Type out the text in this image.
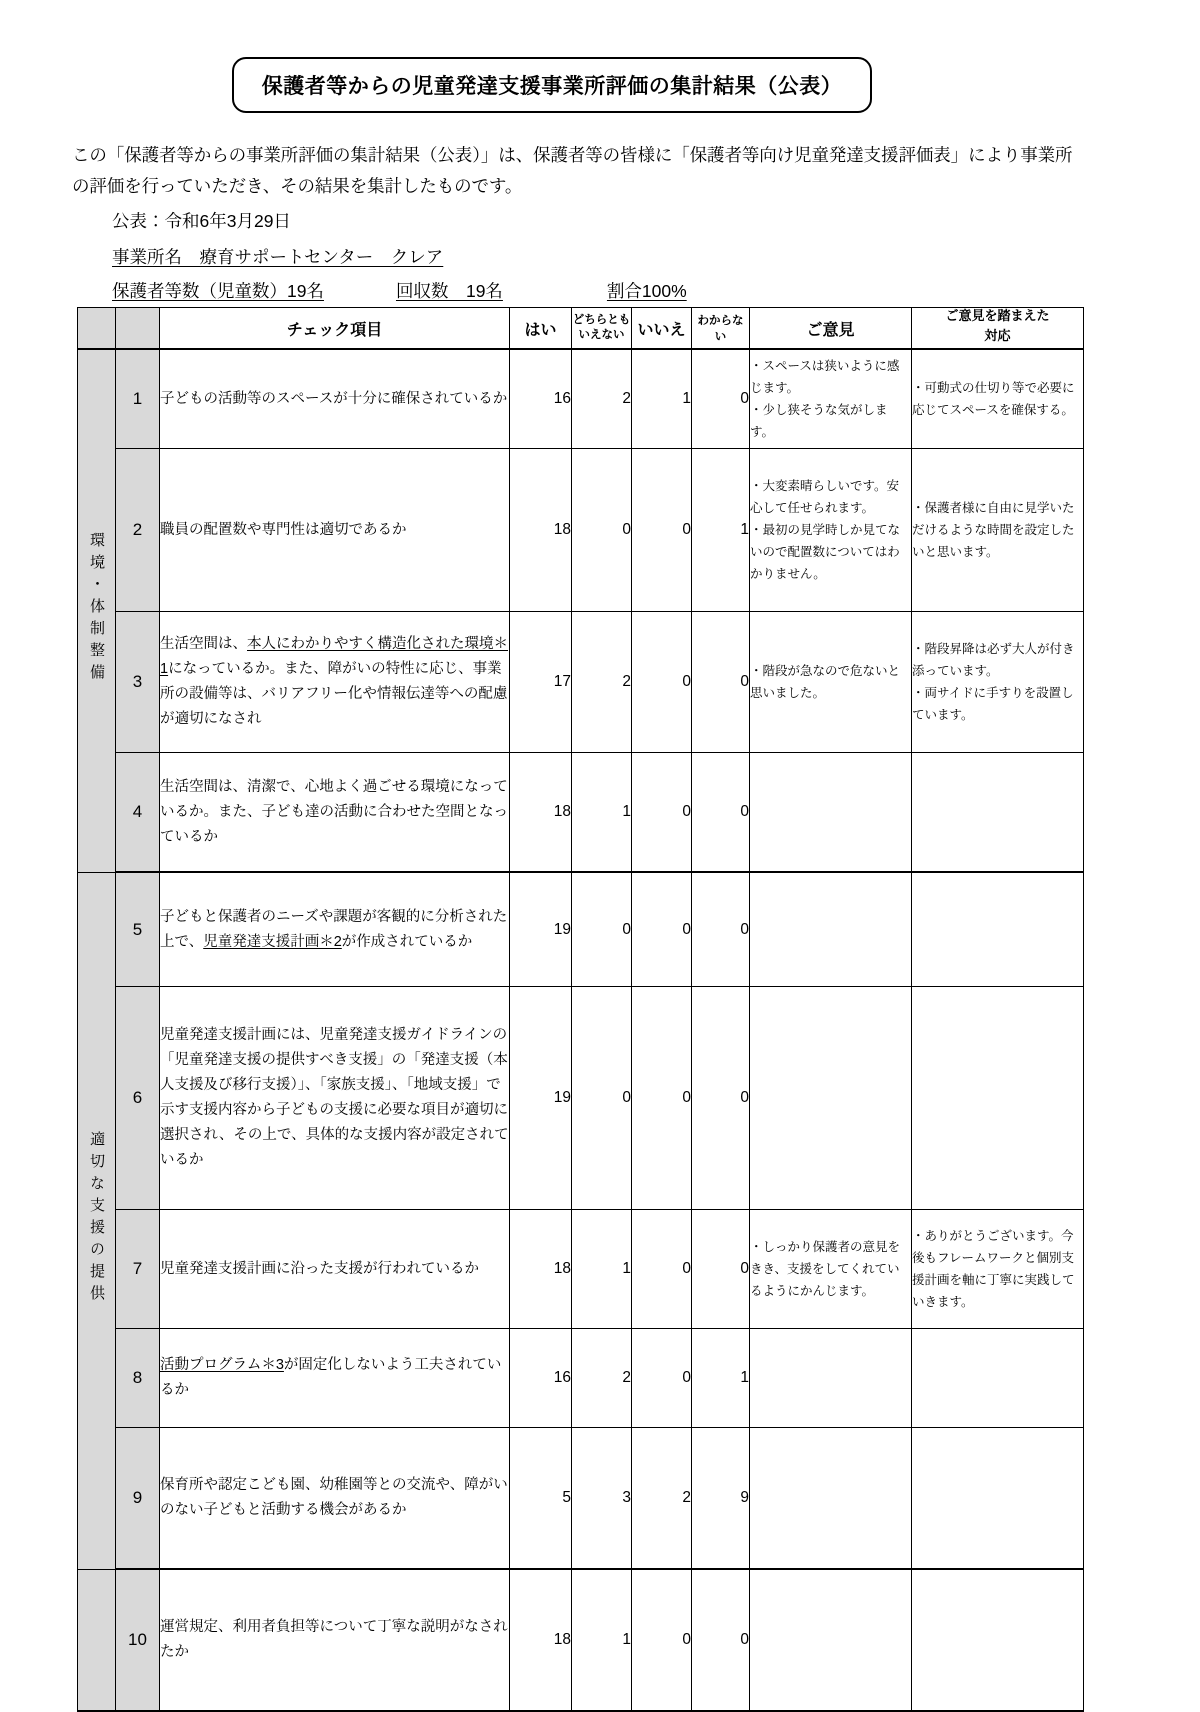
保護者等からの児童発達支援事業所評価の集計結果（公表）
この「保護者等からの事業所評価の集計結果（公表）」は、保護者等の皆様に「保護者等向け児童発達支援評価表」により事業所の評価を行っていただき、その結果を集計したものです。
公表：令和6年3月29日
事業所名　療育サポートセンター　クレア
保護者等数（児童数）19名	回収数　19名	割合100%
		チェック項目	はい	どちらとも
いえない	いいえ	わからない	ご意見	ご意見を踏まえた
対応
環境・体制整備	1	子どもの活動等のスペースが十分に確保されているか	16	2	1	0	・スペースは狭いように感じます。
・少し狭そうな気がします。	・可動式の仕切り等で必要に応じてスペースを確保する。
	2	職員の配置数や専門性は適切であるか	18	0	0	1	・大変素晴らしいです。安心して任せられます。
・最初の見学時しか見てないので配置数についてはわかりません。	・保護者様に自由に見学いただけるような時間を設定したいと思います。
	3	生活空間は、本人にわかりやすく構造化された環境＊1になっているか。また、障がいの特性に応じ、事業所の設備等は、バリアフリー化や情報伝達等への配慮が適切になされ	17	2	0	0	・階段が急なので危ないと思いました。	・階段昇降は必ず大人が付き添っています。
・両サイドに手すりを設置しています。
	4	生活空間は、清潔で、心地よく過ごせる環境になっているか。また、子ども達の活動に合わせた空間となっているか	18	1	0	0		
適切な支援の提供	5	子どもと保護者のニーズや課題が客観的に分析された上で、児童発達支援計画＊2が作成されているか	19	0	0	0		
	6	児童発達支援計画には、児童発達支援ガイドラインの「児童発達支援の提供すべき支援」の「発達支援（本人支援及び移行支援）」、「家族支援」、「地域支援」で示す支援内容から子どもの支援に必要な項目が適切に選択され、その上で、具体的な支援内容が設定されているか	19	0	0	0		
	7	児童発達支援計画に沿った支援が行われているか	18	1	0	0	・しっかり保護者の意見をきき、支援をしてくれているようにかんじます。	・ありがとうございます。今後もフレームワークと個別支援計画を軸に丁寧に実践していきます。
	8	活動プログラム＊3が固定化しないよう工夫されているか	16	2	0	1		
	9	保育所や認定こども園、幼稚園等との交流や、障がいのない子どもと活動する機会があるか	5	3	2	9		
	10	運営規定、利用者負担等について丁寧な説明がなされたか	18	1	0	0		
